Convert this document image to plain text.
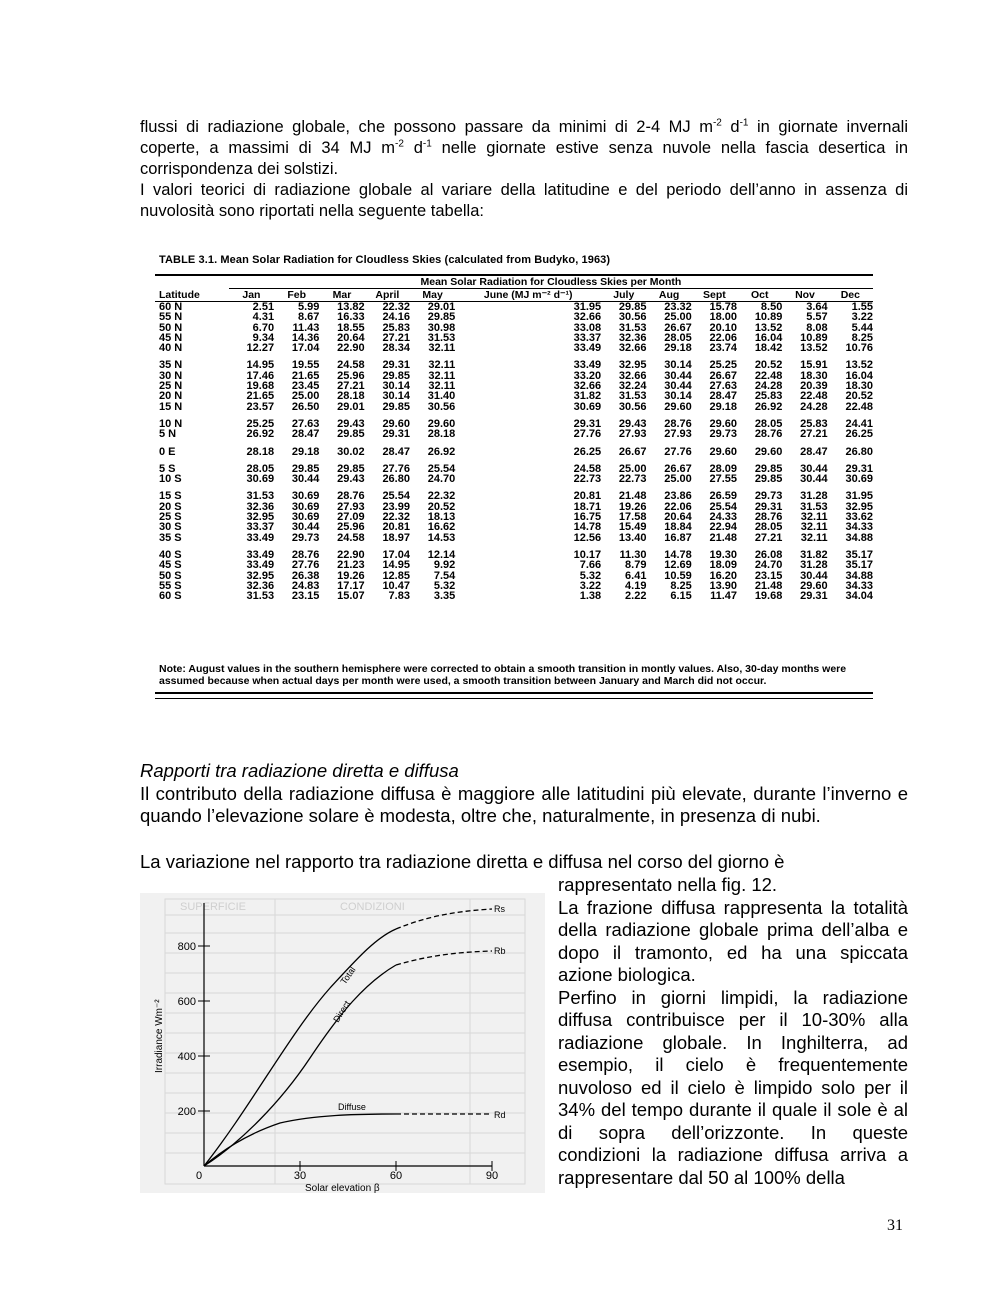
flussi di radiazione globale, che possono passare da minimi di 2-4 MJ $m^{-2}$ $d^{-1}$ in giornate invernali coperte, a massimi di 34 MJ $m^{-2}$ $d^{-1}$ nelle giornate estive senza nuvole nella fascia desertica in corrispondenza dei solstizi.
I valori teorici di radiazione globale al variare della latitudine e del periodo dell’anno in assenza di nuvolosità sono riportati nella seguente tabella:
TABLE 3.1. Mean Solar Radiation for Cloudless Skies (calculated from Budyko, 1963)
	Mean Solar Radiation for Cloudless Skies per Month											
Latitude	Jan	Feb	Mar	April	May	June (MJ m⁻² d⁻¹)	July	Aug	Sept	Oct	Nov	Dec
60 N	2.51	5.99	13.82	22.32	29.01	31.95	29.85	23.32	15.78	8.50	3.64	1.55
55 N	4.31	8.67	16.33	24.16	29.85	32.66	30.56	25.00	18.00	10.89	5.57	3.22
50 N	6.70	11.43	18.55	25.83	30.98	33.08	31.53	26.67	20.10	13.52	8.08	5.44
45 N	9.34	14.36	20.64	27.21	31.53	33.37	32.36	28.05	22.06	16.04	10.89	8.25
40 N	12.27	17.04	22.90	28.34	32.11	33.49	32.66	29.18	23.74	18.42	13.52	10.76
35 N	14.95	19.55	24.58	29.31	32.11	33.49	32.95	30.14	25.25	20.52	15.91	13.52
30 N	17.46	21.65	25.96	29.85	32.11	33.20	32.66	30.44	26.67	22.48	18.30	16.04
25 N	19.68	23.45	27.21	30.14	32.11	32.66	32.24	30.44	27.63	24.28	20.39	18.30
20 N	21.65	25.00	28.18	30.14	31.40	31.82	31.53	30.14	28.47	25.83	22.48	20.52
15 N	23.57	26.50	29.01	29.85	30.56	30.69	30.56	29.60	29.18	26.92	24.28	22.48
10 N	25.25	27.63	29.43	29.60	29.60	29.31	29.43	28.76	29.60	28.05	25.83	24.41
5 N	26.92	28.47	29.85	29.31	28.18	27.76	27.93	27.93	29.73	28.76	27.21	26.25
0 E	28.18	29.18	30.02	28.47	26.92	26.25	26.67	27.76	29.60	29.60	28.47	26.80
5 S	28.05	29.85	29.85	27.76	25.54	24.58	25.00	26.67	28.09	29.85	30.44	29.31
10 S	30.69	30.44	29.43	26.80	24.70	22.73	22.73	25.00	27.55	29.85	30.44	30.69
15 S	31.53	30.69	28.76	25.54	22.32	20.81	21.48	23.86	26.59	29.73	31.28	31.95
20 S	32.36	30.69	27.93	23.99	20.52	18.71	19.26	22.06	25.54	29.31	31.53	32.95
25 S	32.95	30.69	27.09	22.32	18.13	16.75	17.58	20.64	24.33	28.76	32.11	33.62
30 S	33.37	30.44	25.96	20.81	16.62	14.78	15.49	18.84	22.94	28.05	32.11	34.33
35 S	33.49	29.73	24.58	18.97	14.53	12.56	13.40	16.87	21.48	27.21	32.11	34.88
40 S	33.49	28.76	22.90	17.04	12.14	10.17	11.30	14.78	19.30	26.08	31.82	35.17
45 S	33.49	27.76	21.23	14.95	9.92	7.66	8.79	12.69	18.09	24.70	31.28	35.17
50 S	32.95	26.38	19.26	12.85	7.54	5.32	6.41	10.59	16.20	23.15	30.44	34.88
55 S	32.36	24.83	17.17	10.47	5.32	3.22	4.19	8.25	13.90	21.48	29.60	34.33
60 S	31.53	23.15	15.07	7.83	3.35	1.38	2.22	6.15	11.47	19.68	29.31	34.04
Note: August values in the southern hemisphere were corrected to obtain a smooth transition in montly values. Also, 30-day months were assumed because when actual days per month were used, a smooth transition between January and March did not occur.
Rapporti tra radiazione diretta e diffusa
Il contributo della radiazione diffusa è maggiore alle latitudini più elevate, durante l’inverno e quando l’elevazione solare è modesta, oltre che, naturalmente, in presenza di nubi.
La variazione nel rapporto tra radiazione diretta e diffusa nel corso del giorno è
SUPERFICIE	CONDIZIONI
200
400
600
800
0	30	60	90
Solar elevation β
Irradiance Wm⁻²
Total
Direct
Diffuse
Rs
Rb
Rd

rappresentato nella fig. 12.

La frazione diffusa rappresenta la totalità della radiazione globale prima dell’alba e dopo il tramonto, ed ha una spiccata azione biologica.

Perfino in giorni limpidi, la radiazione diffusa contribuisce per il 10-30% alla radiazione globale. In Inghilterra, ad esempio, il cielo è frequentemente nuvoloso ed il cielo è limpido solo per il 34% del tempo durante il quale il sole è al di sopra dell’orizzonte. In queste condizioni la radiazione diffusa arriva a rappresentare dal 50 al 100% della

31
